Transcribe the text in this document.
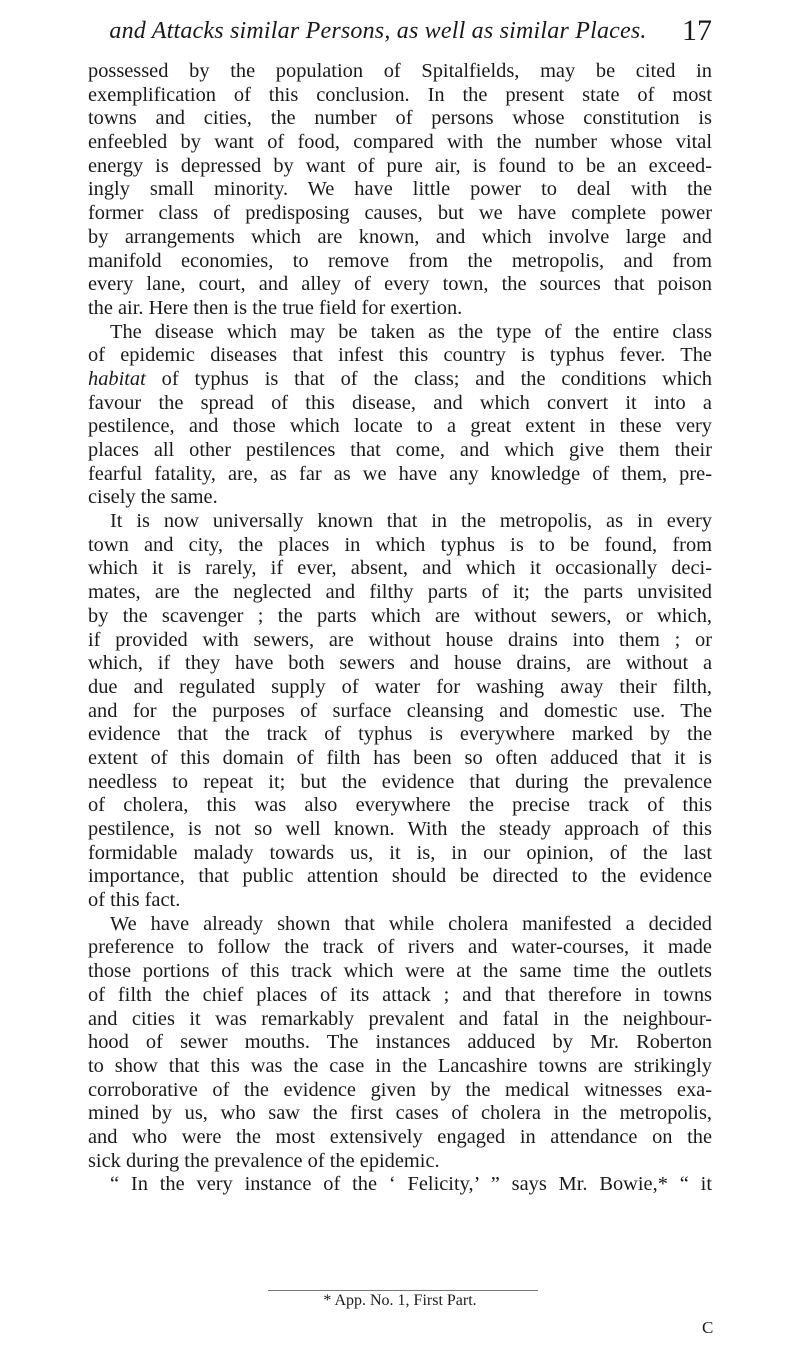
and Attacks similar Persons, as well as similar Places.	17
possessed by the population of Spitalfields, may be cited in
exemplification of this conclusion. In the present state of most
towns and cities, the number of persons whose constitution is
enfeebled by want of food, compared with the number whose vital
energy is depressed by want of pure air, is found to be an exceed-
ingly small minority. We have little power to deal with the
former class of predisposing causes, but we have complete power
by arrangements which are known, and which involve large and
manifold economies, to remove from the metropolis, and from
every lane, court, and alley of every town, the sources that poison
the air. Here then is the true field for exertion.
The disease which may be taken as the type of the entire class
of epidemic diseases that infest this country is typhus fever. The
habitat of typhus is that of the class; and the conditions which
favour the spread of this disease, and which convert it into a
pestilence, and those which locate to a great extent in these very
places all other pestilences that come, and which give them their
fearful fatality, are, as far as we have any knowledge of them, pre-
cisely the same.
It is now universally known that in the metropolis, as in every
town and city, the places in which typhus is to be found, from
which it is rarely, if ever, absent, and which it occasionally deci-
mates, are the neglected and filthy parts of it; the parts unvisited
by the scavenger ; the parts which are without sewers, or which,
if provided with sewers, are without house drains into them ; or
which, if they have both sewers and house drains, are without a
due and regulated supply of water for washing away their filth,
and for the purposes of surface cleansing and domestic use. The
evidence that the track of typhus is everywhere marked by the
extent of this domain of filth has been so often adduced that it is
needless to repeat it; but the evidence that during the prevalence
of cholera, this was also everywhere the precise track of this
pestilence, is not so well known. With the steady approach of this
formidable malady towards us, it is, in our opinion, of the last
importance, that public attention should be directed to the evidence
of this fact.
We have already shown that while cholera manifested a decided
preference to follow the track of rivers and water-courses, it made
those portions of this track which were at the same time the outlets
of filth the chief places of its attack ; and that therefore in towns
and cities it was remarkably prevalent and fatal in the neighbour-
hood of sewer mouths. The instances adduced by Mr. Roberton
to show that this was the case in the Lancashire towns are strikingly
corroborative of the evidence given by the medical witnesses exa-
mined by us, who saw the first cases of cholera in the metropolis,
and who were the most extensively engaged in attendance on the
sick during the prevalence of the epidemic.
“ In the very instance of the ‘ Felicity,’ ” says Mr. Bowie,* “ it
* App. No. 1, First Part.
C
